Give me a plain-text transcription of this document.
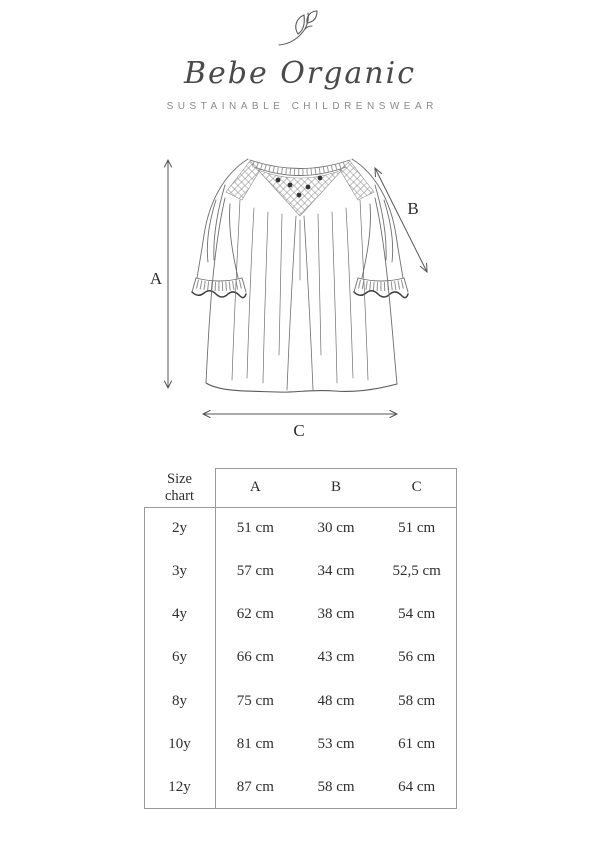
Bebe Organic
SUSTAINABLE CHILDRENSWEAR
A
B
C
Size chart
A	B	C
2y	51 cm	30 cm	51 cm
3y	57 cm	34 cm	52,5 cm
4y	62 cm	38 cm	54 cm
6y	66 cm	43 cm	56 cm
8y	75 cm	48 cm	58 cm
10y	81 cm	53 cm	61 cm
12y	87 cm	58 cm	64 cm
